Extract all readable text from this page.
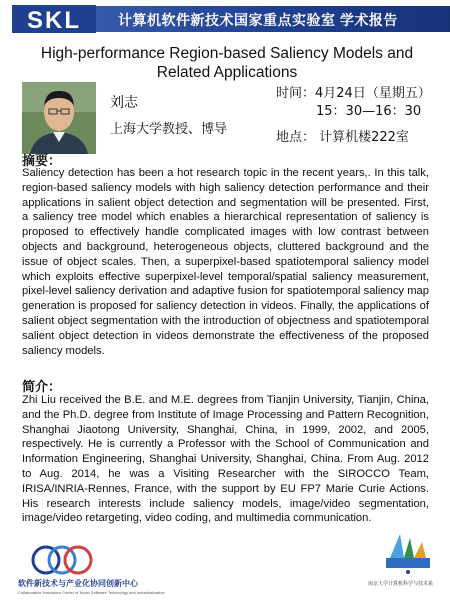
SKL	计算机软件新技术国家重点实验室 学术报告
High-performance Region-based Saliency Models and Related Applications
刘志
上海大学教授、博导
时间：4月24日（星期五）
15：30—16：30
地点： 计算机楼222室
摘要：
Saliency detection has been a hot research topic in the recent years,. In this talk, region-based saliency models with high saliency detection performance and their applications in salient object detection and segmentation will be presented. First, a saliency tree model which enables a hierarchical representation of saliency is proposed to effectively handle complicated images with low contrast between objects and background, heterogeneous objects, cluttered background and the issue of object scales. Then, a superpixel-based spatiotemporal saliency model which exploits effective superpixel-level temporal/spatial saliency measurement, pixel-level saliency derivation and adaptive fusion for spatiotemporal saliency map generation is proposed for saliency detection in videos. Finally, the applications of salient object segmentation with the introduction of objectness and spatiotemporal salient object detection in videos demonstrate the effectiveness of the proposed saliency models.
简介：
Zhi Liu received the B.E. and M.E. degrees from Tianjin University, Tianjin, China, and the Ph.D. degree from Institute of Image Processing and Pattern Recognition, Shanghai Jiaotong University, Shanghai, China, in 1999, 2002, and 2005, respectively. He is currently a Professor with the School of Communication and Information Engineering, Shanghai University, Shanghai, China. From Aug. 2012 to Aug. 2014, he was a Visiting Researcher with the SIROCCO Team, IRISA/INRIA-Rennes, France, with the support by EU FP7 Marie Curie Actions. His research interests include saliency models, image/video segmentation, image/video retargeting, video coding, and multimedia communication.
软件新技术与产业化协同创新中心
Collaborative Innovation Center of Novel Software Technology and Industrialization
南京大学计算机科学与技术系
